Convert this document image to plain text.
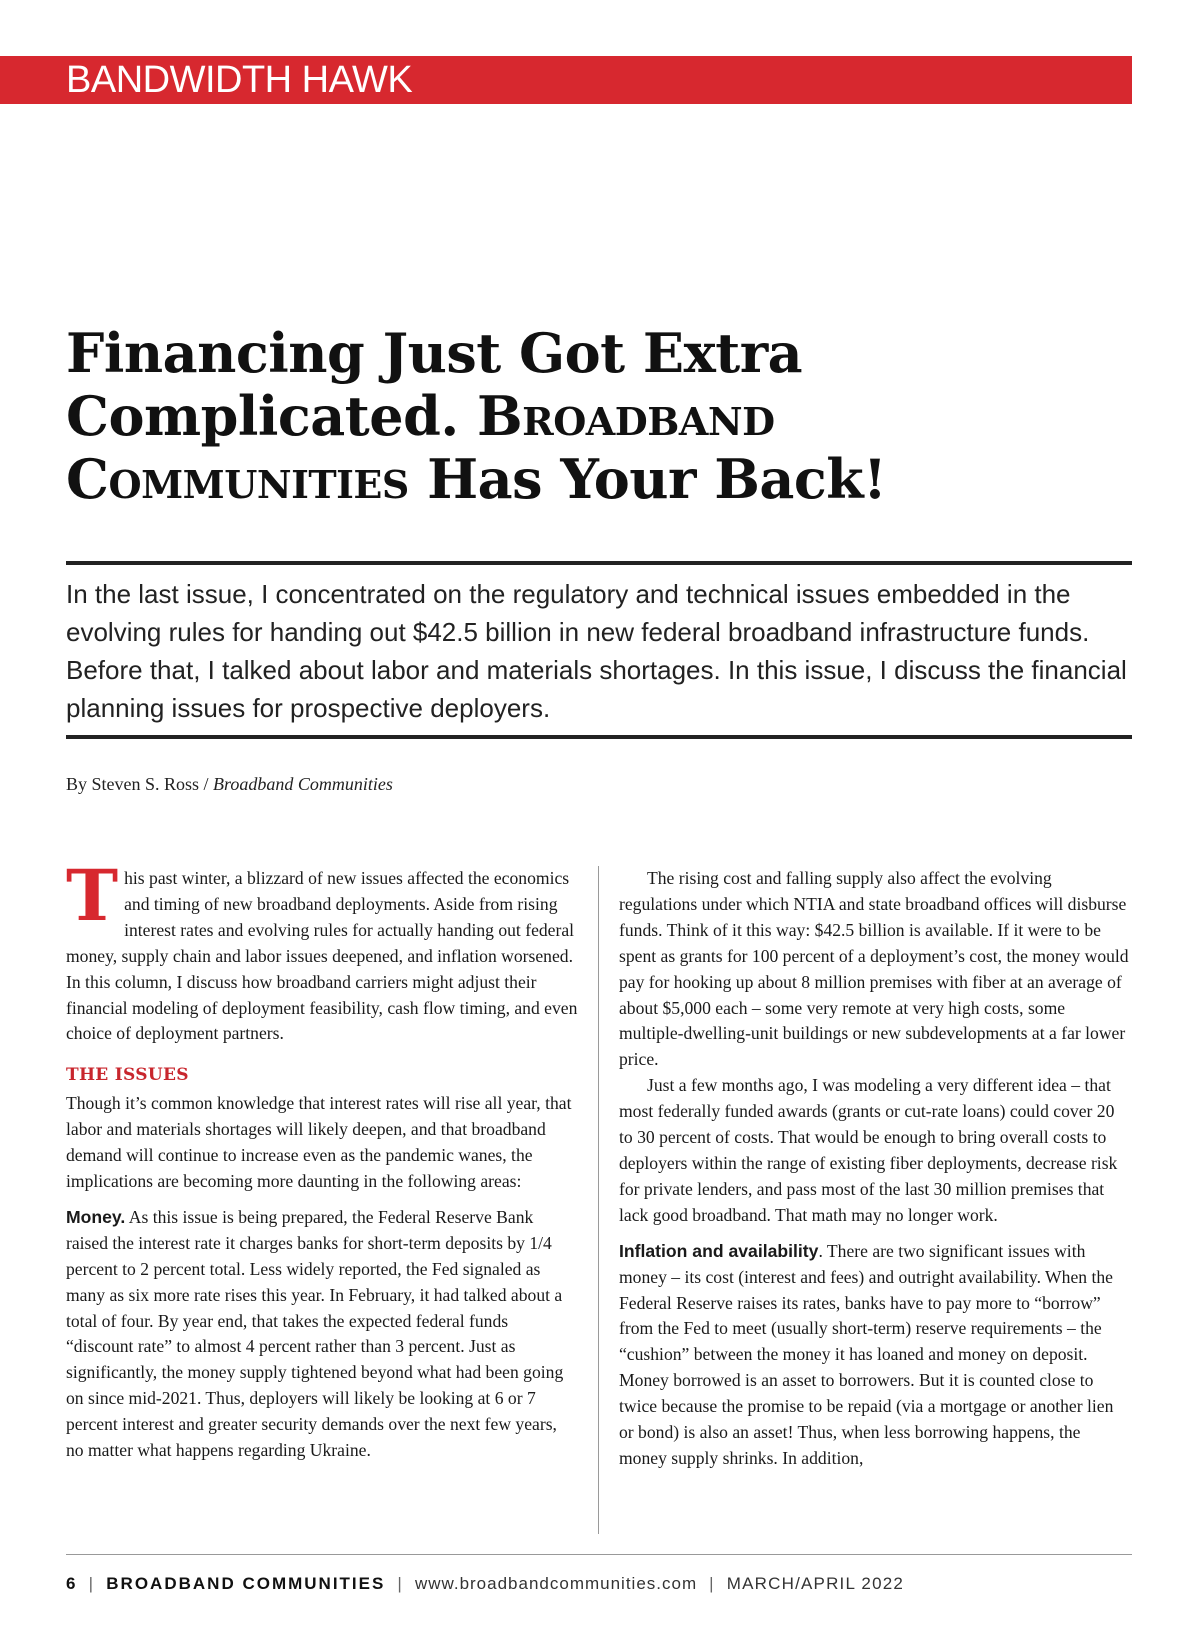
BANDWIDTH HAWK
Financing Just Got Extra Complicated. Broadband
Communities Has Your Back!

In the last issue, I concentrated on the regulatory and technical issues embedded in the evolving rules for handing out $42.5 billion in new federal broadband infrastructure funds. Before that, I talked about labor and materials shortages. In this issue, I discuss the financial planning issues for prospective deployers.

By Steven S. Ross / Broadband Communities

This past winter, a blizzard of new issues affected the economics and timing of new broadband deployments. Aside from rising interest rates and evolving rules for actually handing out federal money, supply chain and labor issues deepened, and inflation worsened. In this column, I discuss how broadband carriers might adjust their financial modeling of deployment feasibility, cash flow timing, and even choice of deployment partners.

THE ISSUES

Though it’s common knowledge that interest rates will rise all year, that labor and materials shortages will likely deepen, and that broadband demand will continue to increase even as the pandemic wanes, the implications are becoming more daunting in the following areas:

Money. As this issue is being prepared, the Federal Reserve Bank raised the interest rate it charges banks for short-term deposits by 1/4 percent to 2 percent total. Less widely reported, the Fed signaled as many as six more rate rises this year. In February, it had talked about a total of four. By year end, that takes the expected federal funds “discount rate” to almost 4 percent rather than 3 percent. Just as significantly, the money supply tightened beyond what had been going on since mid-2021. Thus, deployers will likely be looking at 6 or 7 percent interest and greater security demands over the next few years, no matter what happens regarding Ukraine.

The rising cost and falling supply also affect the evolving regulations under which NTIA and state broadband offices will disburse funds. Think of it this way: $42.5 billion is available. If it were to be spent as grants for 100 percent of a deployment’s cost, the money would pay for hooking up about 8 million premises with fiber at an average of about $5,000 each – some very remote at very high costs, some multiple-dwelling-unit buildings or new subdevelopments at a far lower price.

Just a few months ago, I was modeling a very different idea – that most federally funded awards (grants or cut-rate loans) could cover 20 to 30 percent of costs. That would be enough to bring overall costs to deployers within the range of existing fiber deployments, decrease risk for private lenders, and pass most of the last 30 million premises that lack good broadband. That math may no longer work.

Inflation and availability. There are two significant issues with money – its cost (interest and fees) and outright availability. When the Federal Reserve raises its rates, banks have to pay more to “borrow” from the Fed to meet (usually short-term) reserve requirements – the “cushion” between the money it has loaned and money on deposit. Money borrowed is an asset to borrowers. But it is counted close to twice because the promise to be repaid (via a mortgage or another lien or bond) is also an asset! Thus, when less borrowing happens, the money supply shrinks. In addition,

6 | BROADBAND COMMUNITIES | www.broadbandcommunities.com | MARCH/APRIL 2022
